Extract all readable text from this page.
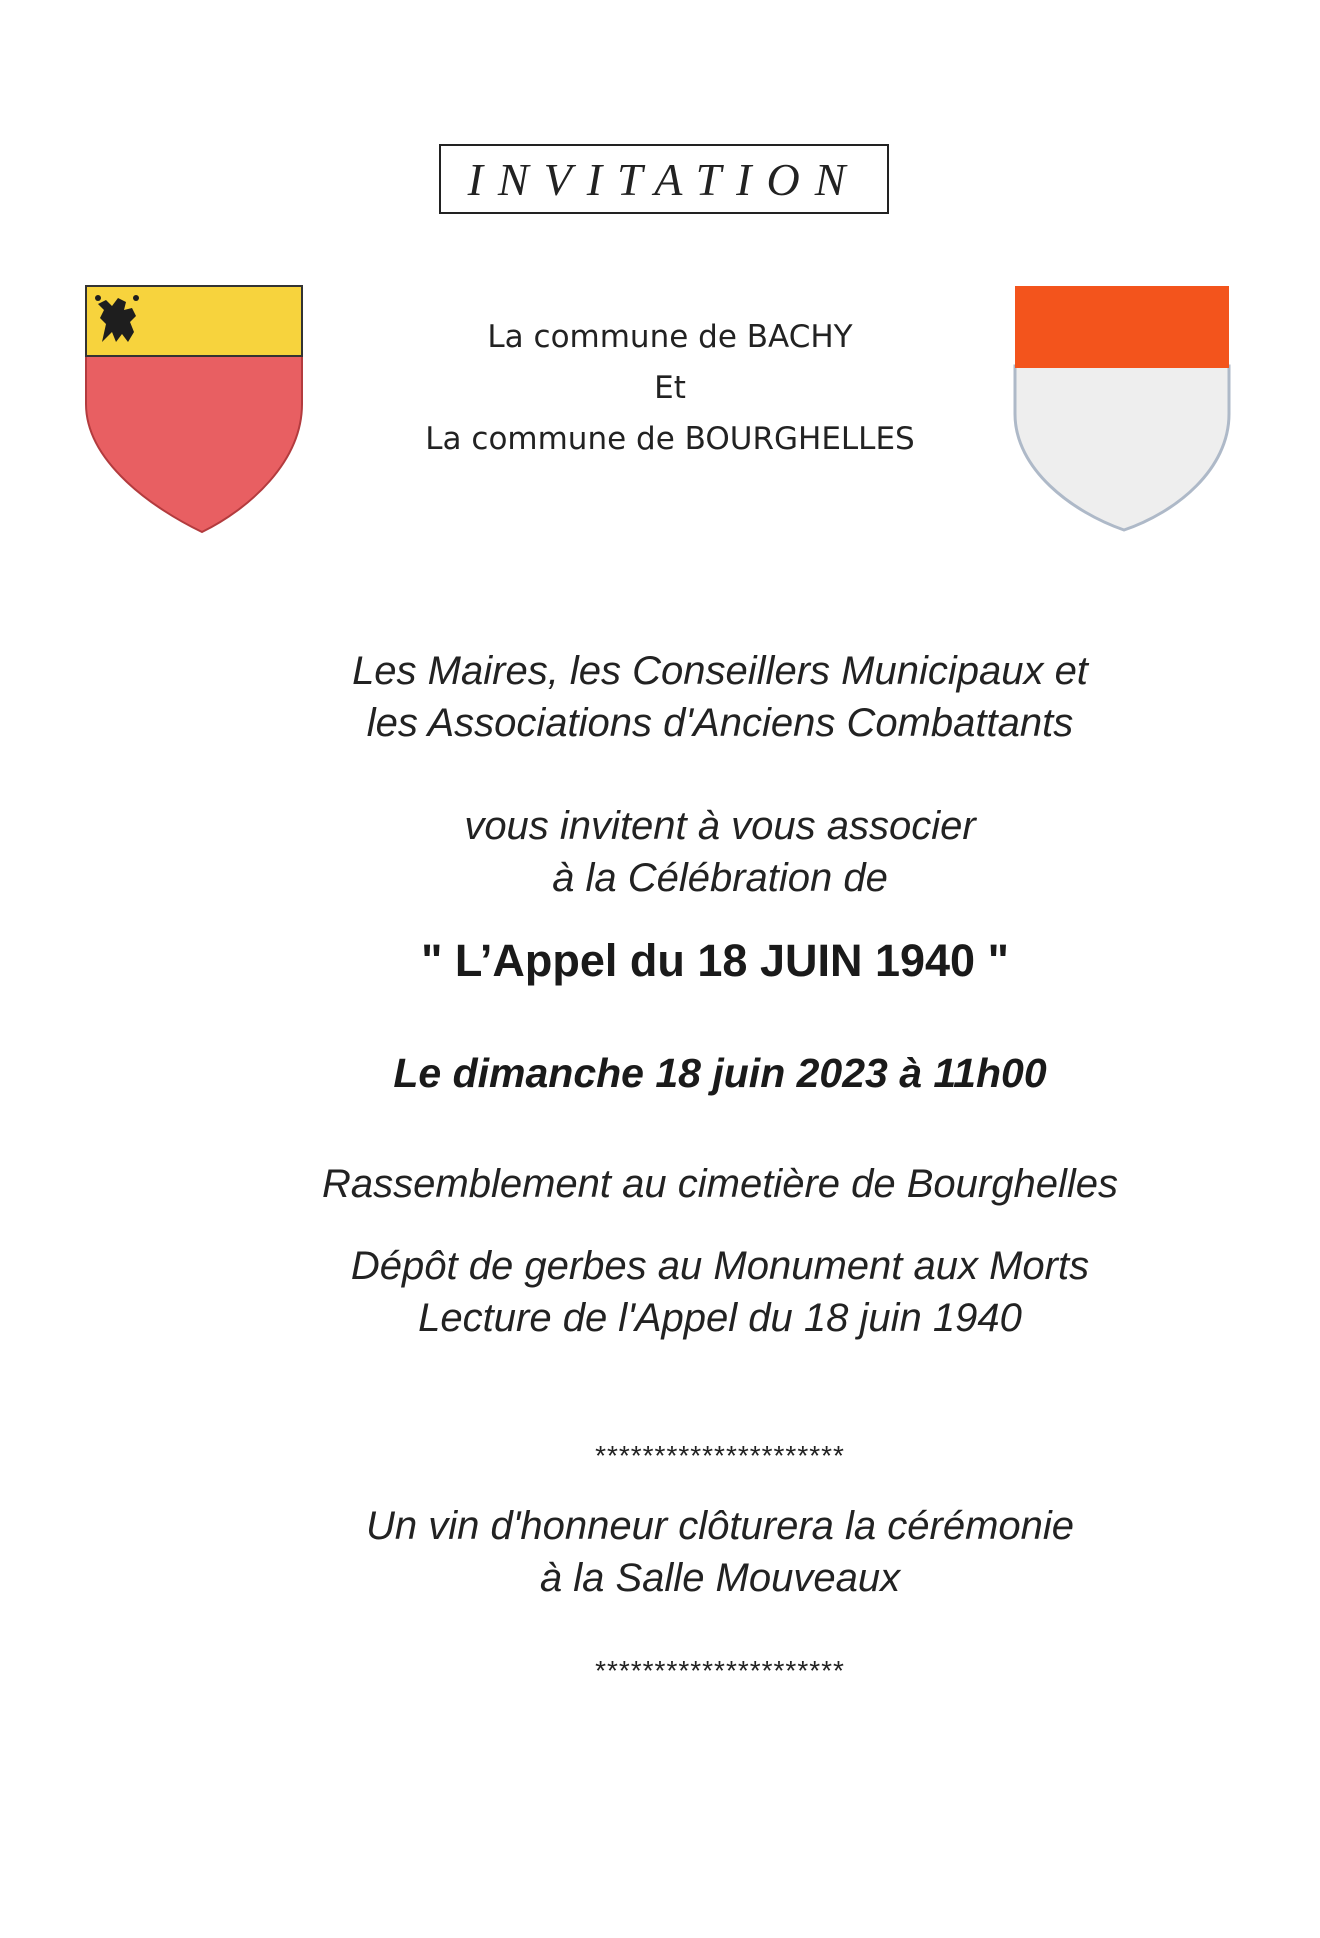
INVITATION
La commune de BACHY
Et
La commune de BOURGHELLES
Les Maires, les Conseillers Municipaux et
les Associations d'Anciens Combattants
vous invitent à vous associer
à la Célébration de
" L’Appel du 18 JUIN 1940 "
Le dimanche 18 juin 2023 à 11h00
Rassemblement au cimetière de Bourghelles
Dépôt de gerbes au Monument aux Morts
Lecture de l'Appel du 18 juin 1940
*********************
Un vin d'honneur clôturera la cérémonie
à la Salle Mouveaux
*********************
